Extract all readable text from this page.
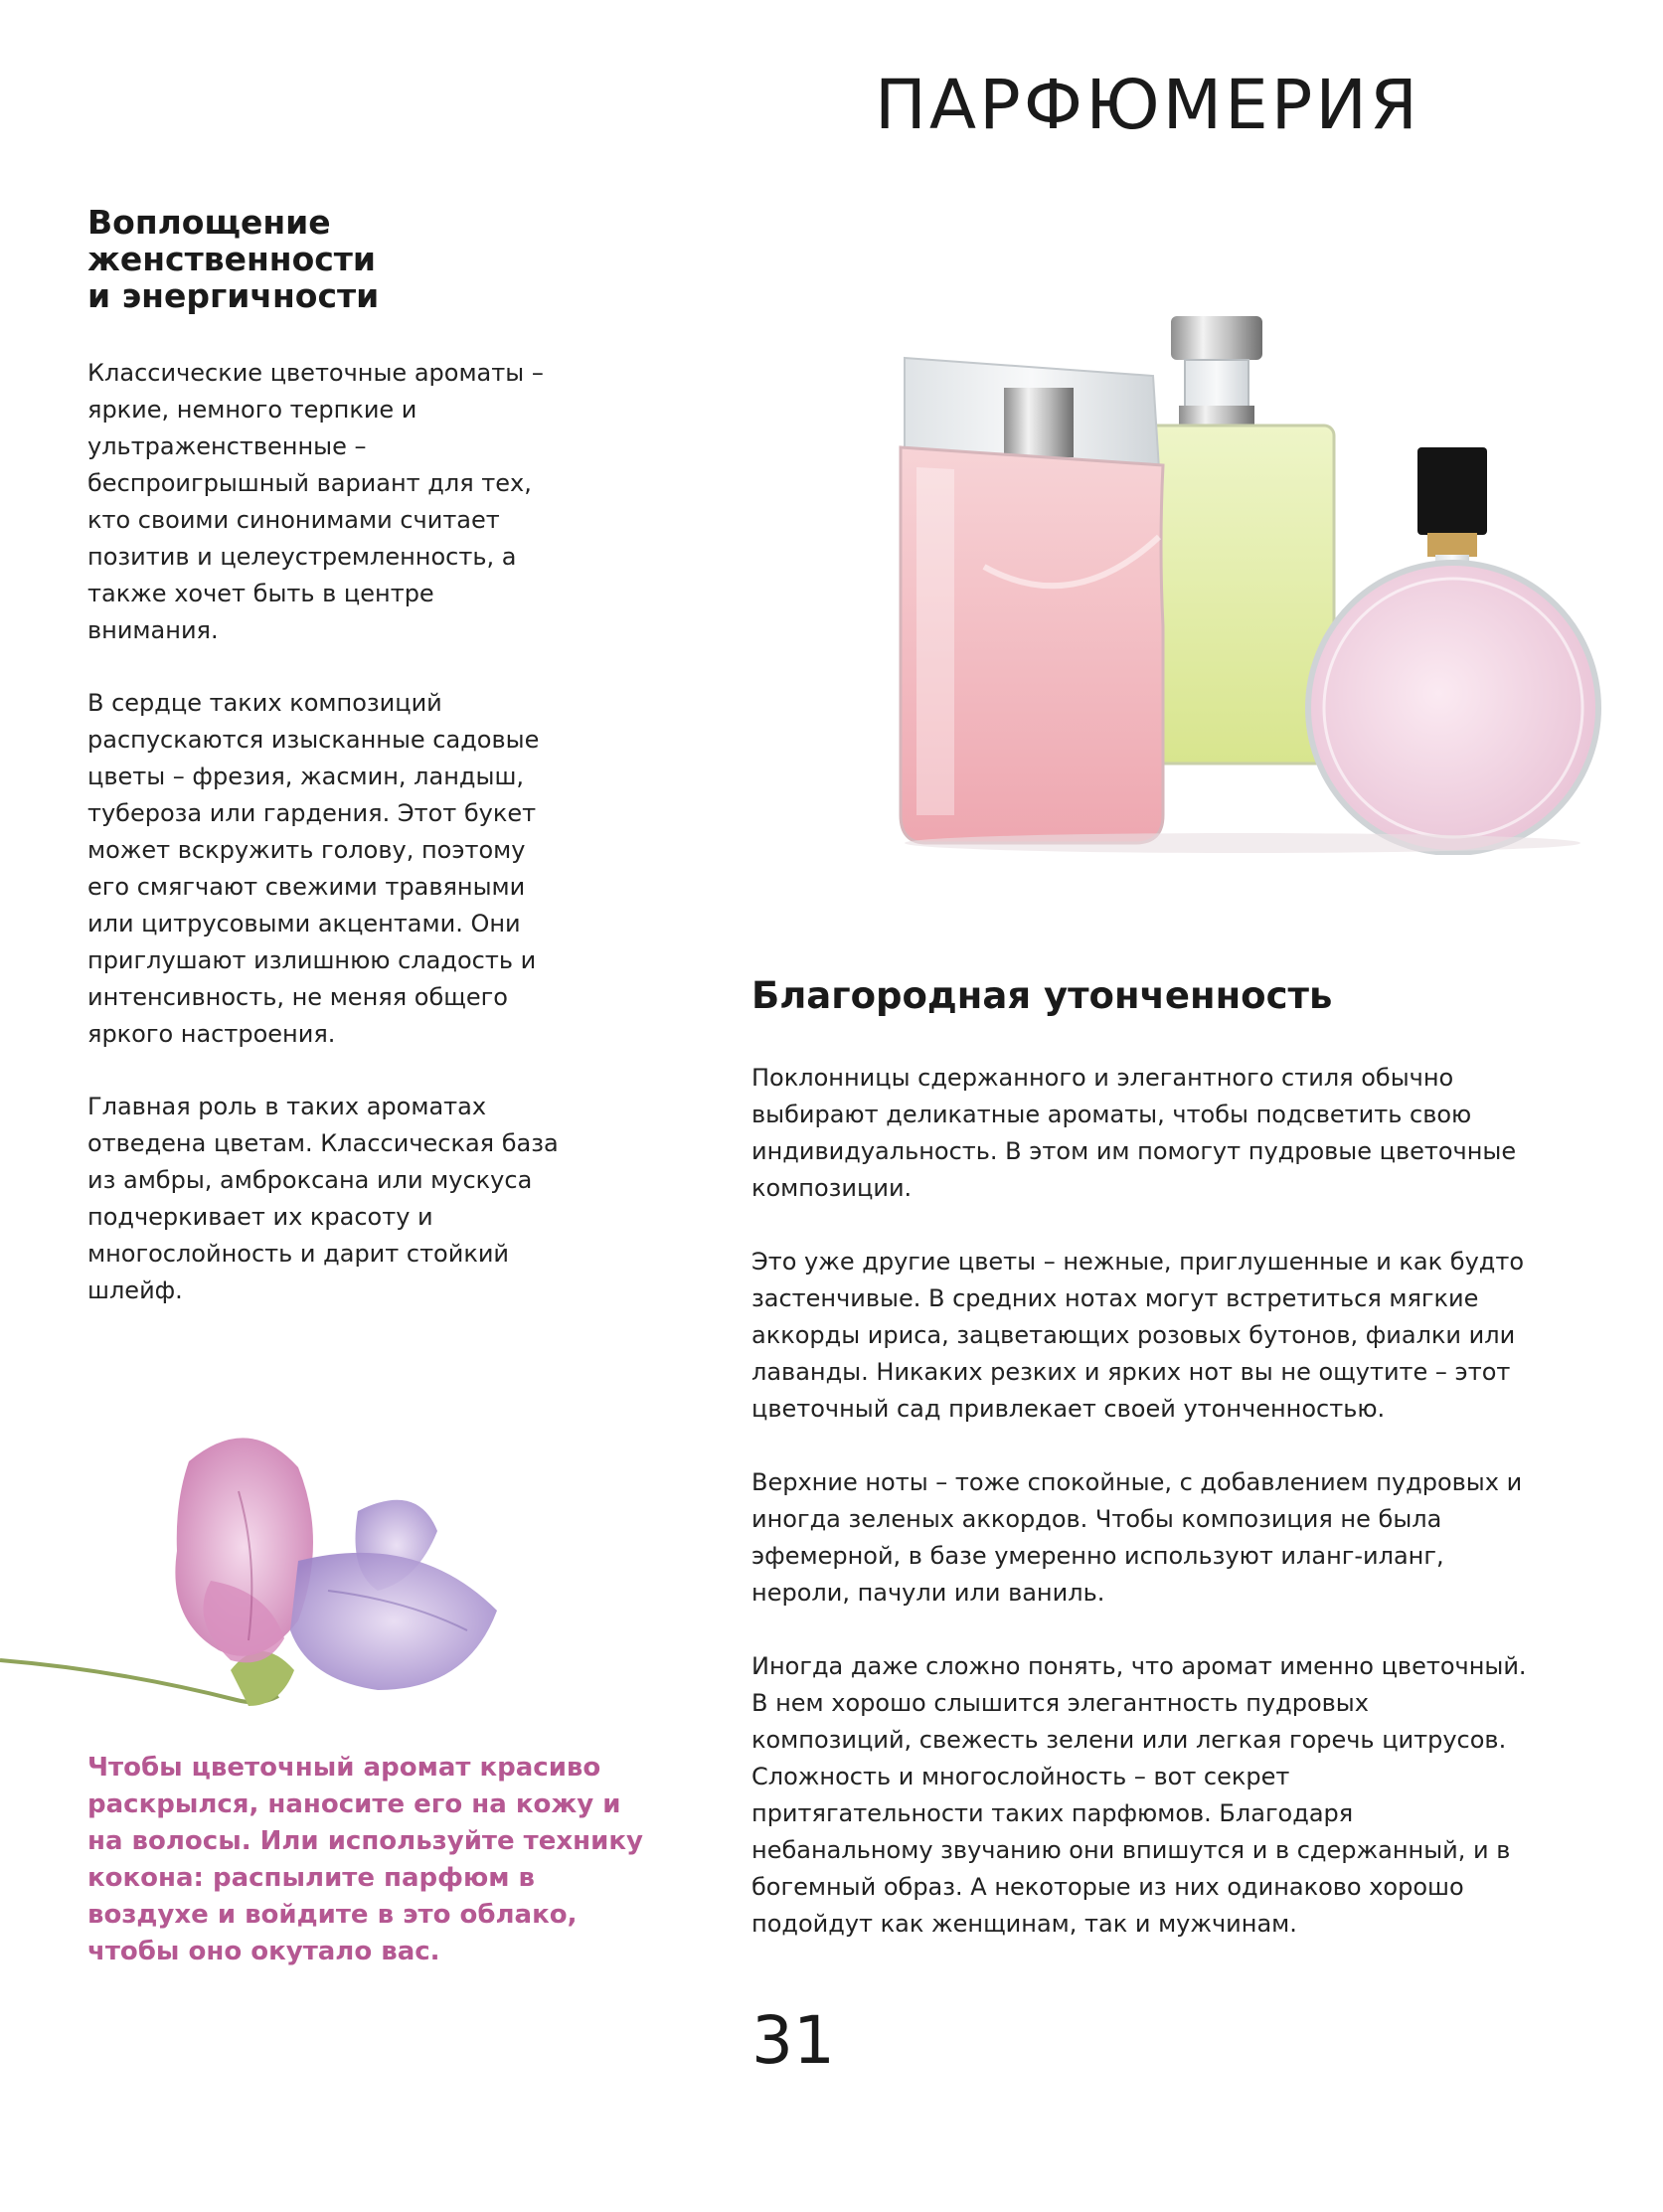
ПАРФЮМЕРИЯ
Воплощение
женственности
и энергичности

Классические цветочные ароматы – яркие, немного терпкие и ультраженственные – беспроигрышный вариант для тех, кто своими синонимами считает позитив и целеустремленность, а также хочет быть в центре внимания.

В сердце таких композиций распускаются изысканные садовые цветы – фрезия, жасмин, ландыш, тубероза или гардения. Этот букет может вскружить голову, поэтому его смягчают свежими травяными или цитрусовыми акцентами. Они приглушают излишнюю сладость и интенсивность, не меняя общего яркого настроения.

Главная роль в таких ароматах отведена цветам. Классическая база из амбры, амброксана или мускуса подчеркивает их красоту и многослойность и дарит стойкий шлейф.

Благородная утонченность

Поклонницы сдержанного и элегантного стиля обычно выбирают деликатные ароматы, чтобы подсветить свою индивидуальность. В этом им помогут пудровые цветочные композиции.

Это уже другие цветы – нежные, приглушенные и как будто застенчивые. В средних нотах могут встретиться мягкие аккорды ириса, зацветающих розовых бутонов, фиалки или лаванды. Никаких резких и ярких нот вы не ощутите – этот цветочный сад привлекает своей утонченностью.

Верхние ноты – тоже спокойные, с добавлением пудровых и иногда зеленых аккордов. Чтобы композиция не была эфемерной, в базе умеренно используют иланг-иланг, нероли, пачули или ваниль.

Иногда даже сложно понять, что аромат именно цветочный. В нем хорошо слышится элегантность пудровых композиций, свежесть зелени или легкая горечь цитрусов. Сложность и многослойность – вот секрет притягательности таких парфюмов. Благодаря небанальному звучанию они впишутся и в сдержанный, и в богемный образ. А некоторые из них одинаково хорошо подойдут как женщинам, так и мужчинам.

Чтобы цветочный аромат красиво раскрылся, наносите его на кожу и на волосы. Или используйте технику кокона: распылите парфюм в воздухе и войдите в это облако, чтобы оно окутало вас.

31
